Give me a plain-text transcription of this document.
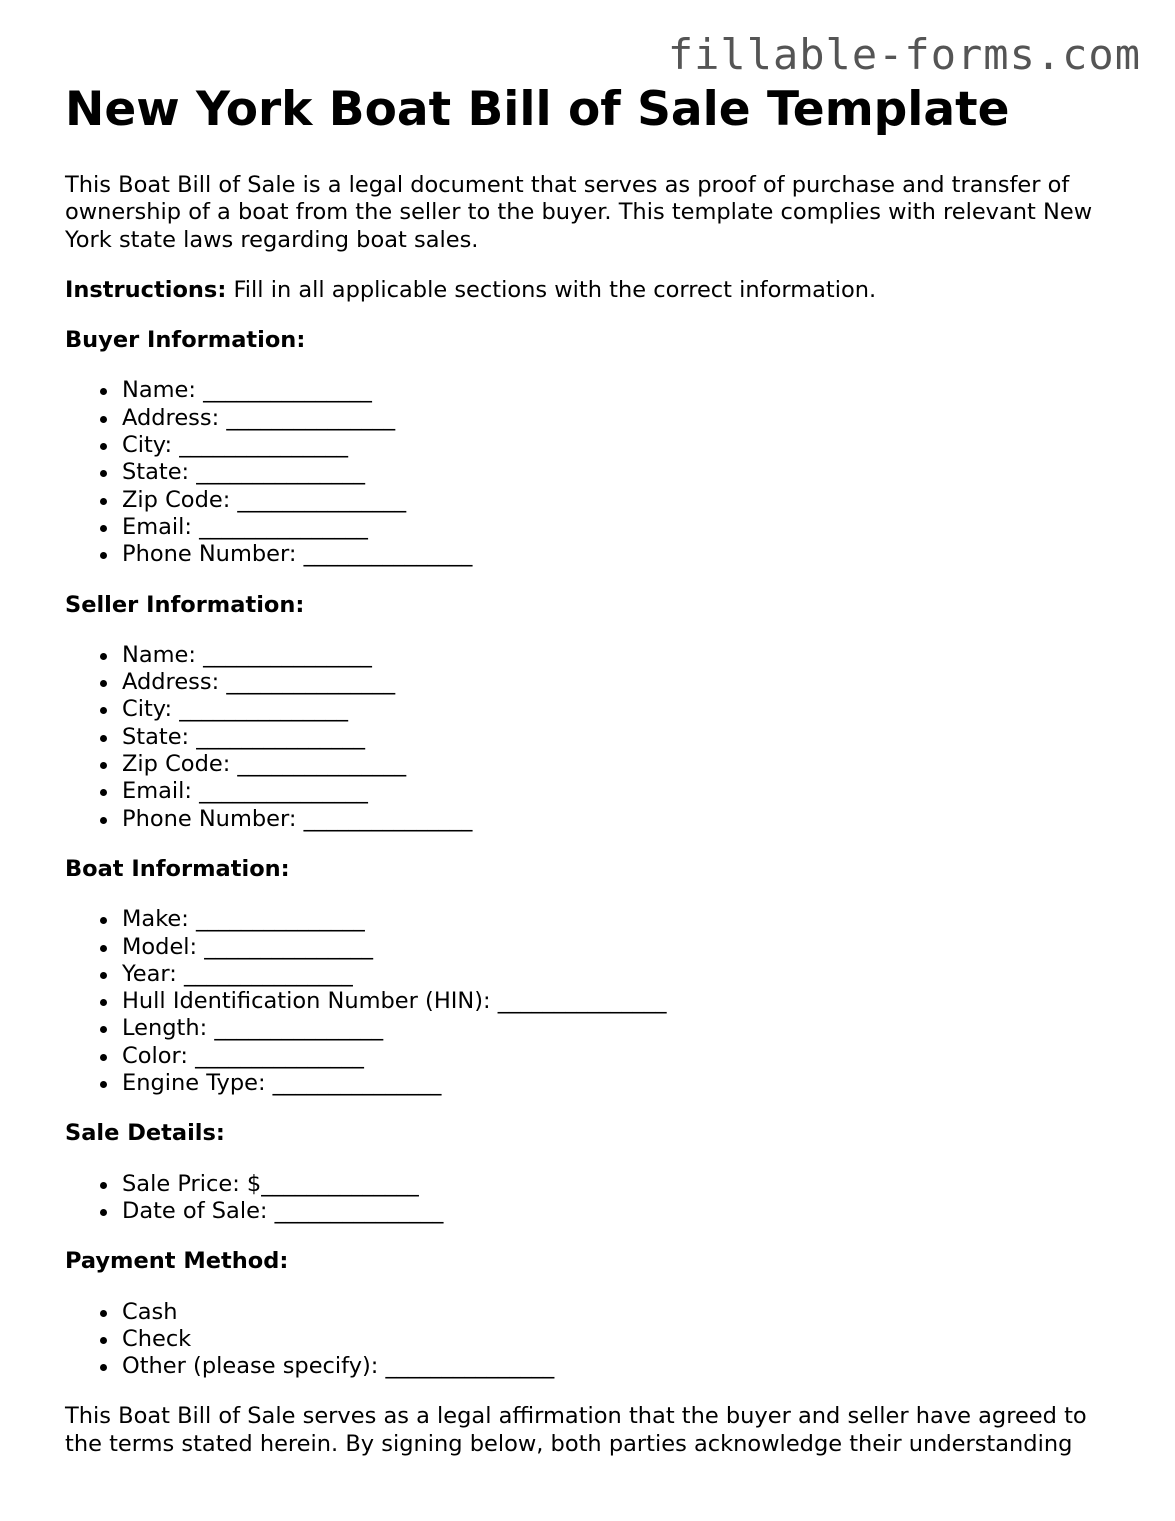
fillable-forms.com
New York Boat Bill of Sale Template

This Boat Bill of Sale is a legal document that serves as proof of purchase and transfer of ownership of a boat from the seller to the buyer. This template complies with relevant New York state laws regarding boat sales.

Instructions: Fill in all applicable sections with the correct information.

Buyer Information:

Name: _______________
Address: _______________
City: _______________
State: _______________
Zip Code: _______________
Email: _______________
Phone Number: _______________

Seller Information:

Name: _______________
Address: _______________
City: _______________
State: _______________
Zip Code: _______________
Email: _______________
Phone Number: _______________

Boat Information:

Make: _______________
Model: _______________
Year: _______________
Hull Identification Number (HIN): _______________
Length: _______________
Color: _______________
Engine Type: _______________

Sale Details:

Sale Price: $______________
Date of Sale: _______________

Payment Method:

Cash
Check
Other (please specify): _______________

This Boat Bill of Sale serves as a legal affirmation that the buyer and seller have agreed to the terms stated herein. By signing below, both parties acknowledge their understanding
